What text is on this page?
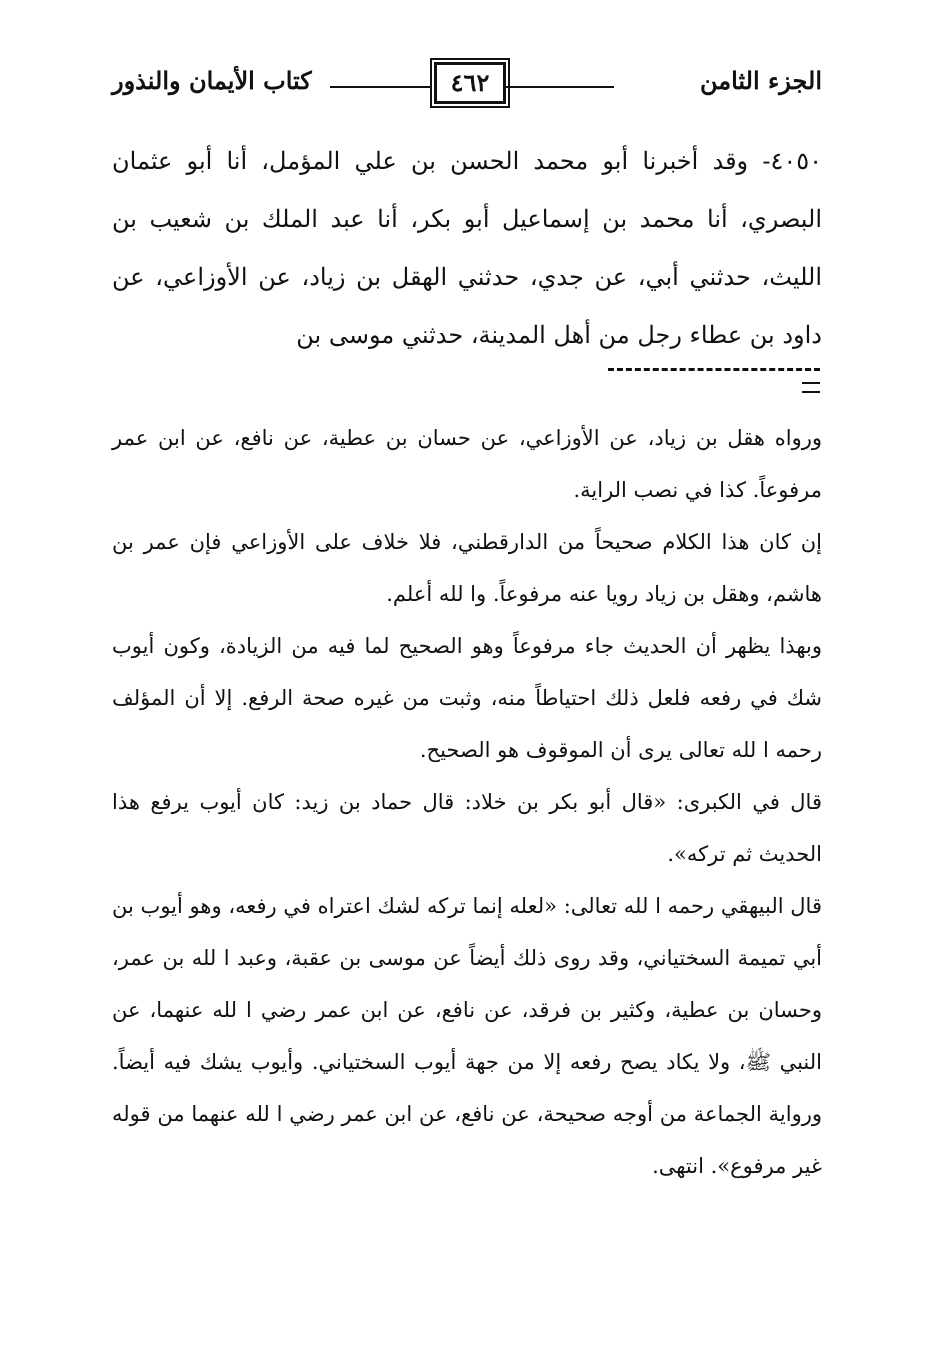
الجزء الثامن
٤٦٢
كتاب الأيمان والنذور

٤٠٥٠- وقد أخبرنا أبو محمد الحسن بن علي المؤمل، أنا أبو عثمان البصري، أنا محمد بن إسماعيل أبو بكر، أنا عبد الملك بن شعيب بن الليث، حدثني أبي، عن جدي، حدثني الهقل بن زياد، عن الأوزاعي، عن داود بن عطاء رجل من أهل المدينة، حدثني موسى بن

ورواه هقل بن زياد، عن الأوزاعي، عن حسان بن عطية، عن نافع، عن ابن عمر مرفوعاً. كذا في نصب الراية.

إن كان هذا الكلام صحيحاً من الدارقطني، فلا خلاف على الأوزاعي فإن عمر بن هاشم، وهقل بن زياد رويا عنه مرفوعاً. وا لله أعلم.

وبهذا يظهر أن الحديث جاء مرفوعاً وهو الصحيح لما فيه من الزيادة، وكون أيوب شك في رفعه فلعل ذلك احتياطاً منه، وثبت من غيره صحة الرفع. إلا أن المؤلف رحمه ا لله تعالى يرى أن الموقوف هو الصحيح.

قال في الكبرى: «قال أبو بكر بن خلاد: قال حماد بن زيد: كان أيوب يرفع هذا الحديث ثم تركه».

قال البيهقي رحمه ا لله تعالى: «لعله إنما تركه لشك اعتراه في رفعه، وهو أيوب بن أبي تميمة السختياني، وقد روى ذلك أيضاً عن موسى بن عقبة، وعبد ا لله بن عمر، وحسان بن عطية، وكثير بن فرقد، عن نافع، عن ابن عمر رضي ا لله عنهما، عن النبي ﷺ، ولا يكاد يصح رفعه إلا من جهة أيوب السختياني. وأيوب يشك فيه أيضاً. ورواية الجماعة من أوجه صحيحة، عن نافع، عن ابن عمر رضي ا لله عنهما من قوله غير مرفوع». انتهى.
